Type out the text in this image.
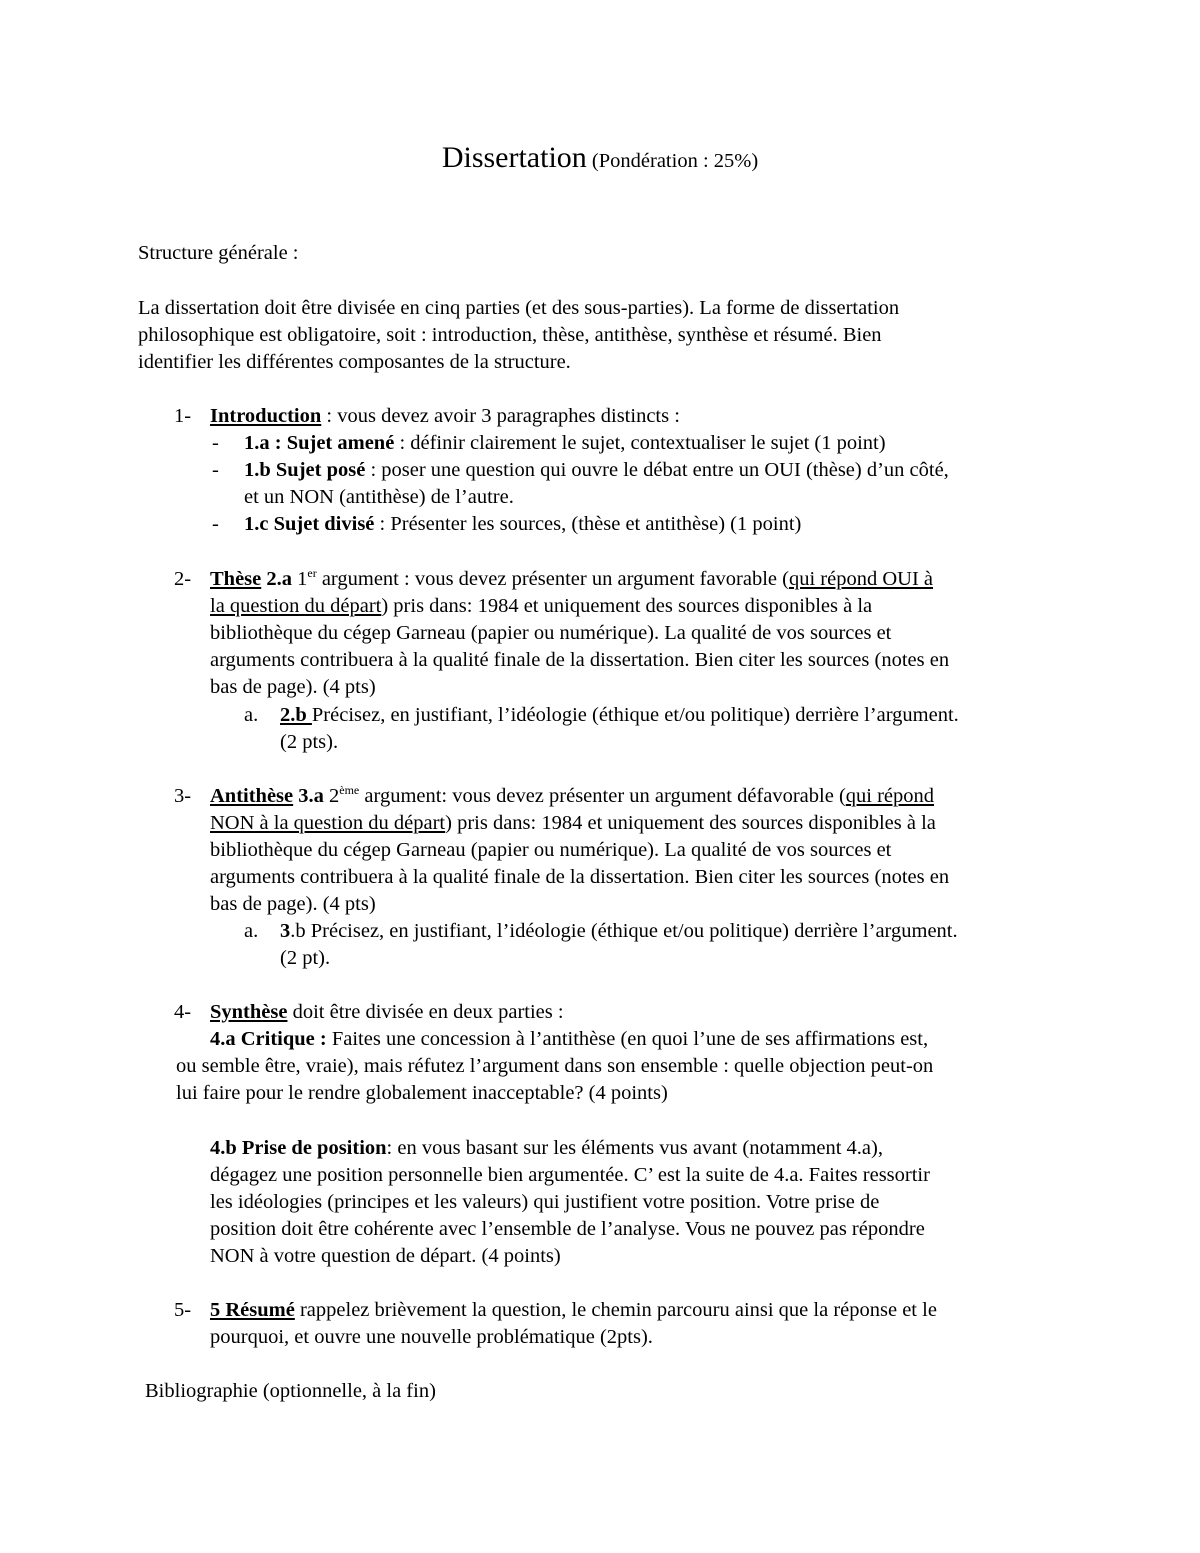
Dissertation (Pondération : 25%)
Structure générale :
La dissertation doit être divisée en cinq parties (et des sous-parties). La forme de dissertation
philosophique est obligatoire, soit : introduction, thèse, antithèse, synthèse et résumé. Bien
identifier les différentes composantes de la structure.
1- Introduction : vous devez avoir 3 paragraphes distincts :
- 1.a : Sujet amené : définir clairement le sujet, contextualiser le sujet (1 point)
- 1.b Sujet posé : poser une question qui ouvre le débat entre un OUI (thèse) d’un côté,
et un NON (antithèse) de l’autre.
- 1.c Sujet divisé : Présenter les sources, (thèse et antithèse) (1 point)
2- Thèse 2.a 1er argument : vous devez présenter un argument favorable (qui répond OUI à
la question du départ) pris dans: 1984 et uniquement des sources disponibles à la
bibliothèque du cégep Garneau (papier ou numérique). La qualité de vos sources et
arguments contribuera à la qualité finale de la dissertation. Bien citer les sources (notes en
bas de page). (4 pts)
a. 2.b Précisez, en justifiant, l’idéologie (éthique et/ou politique) derrière l’argument.
(2 pts).
3- Antithèse 3.a 2ème argument: vous devez présenter un argument défavorable (qui répond
NON à la question du départ) pris dans: 1984 et uniquement des sources disponibles à la
bibliothèque du cégep Garneau (papier ou numérique). La qualité de vos sources et
arguments contribuera à la qualité finale de la dissertation. Bien citer les sources (notes en
bas de page). (4 pts)
a. 3.b Précisez, en justifiant, l’idéologie (éthique et/ou politique) derrière l’argument.
(2 pt).
4- Synthèse doit être divisée en deux parties :
4.a Critique : Faites une concession à l’antithèse (en quoi l’une de ses affirmations est,
ou semble être, vraie), mais réfutez l’argument dans son ensemble : quelle objection peut-on
lui faire pour le rendre globalement inacceptable? (4 points)
4.b Prise de position: en vous basant sur les éléments vus avant (notamment 4.a),
dégagez une position personnelle bien argumentée. C’ est la suite de 4.a. Faites ressortir
les idéologies (principes et les valeurs) qui justifient votre position. Votre prise de
position doit être cohérente avec l’ensemble de l’analyse. Vous ne pouvez pas répondre
NON à votre question de départ. (4 points)
5- 5 Résumé rappelez brièvement la question, le chemin parcouru ainsi que la réponse et le
pourquoi, et ouvre une nouvelle problématique (2pts).
Bibliographie (optionnelle, à la fin)
